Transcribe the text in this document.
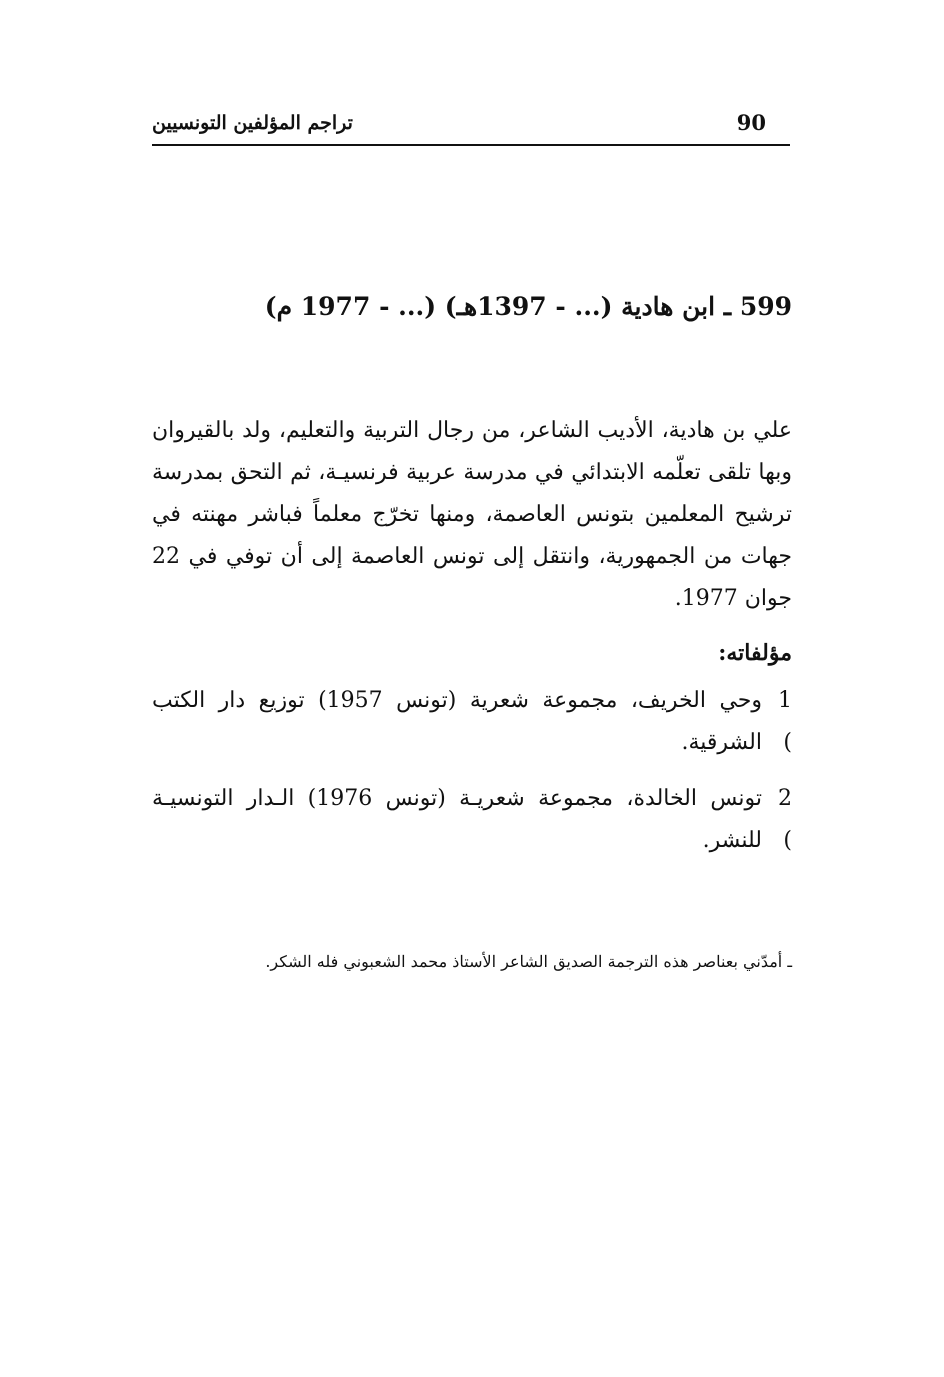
تراجم المؤلفين التونسيين	90
599 ـ ابن هادية (... - 1397هـ) (... - 1977 م)

علي بن هادية، الأديب الشاعر، من رجال التربية والتعليم، ولد بالقيروان وبها تلقى تعلّمه الابتدائي في مدرسة عربية فرنسيـة، ثم التحق بمدرسة ترشيح المعلمين بتونس العاصمة، ومنها تخرّج معلماً فباشر مهنته في جهات من الجمهورية، وانتقل إلى تونس العاصمة إلى أن توفي في 22 جوان 1977.

مؤلفاته:
1 )
وحي الخريف، مجموعة شعرية (تونس 1957) توزيع دار الكتب الشرقية.
2 )
تونس الخالدة، مجموعة شعريـة (تونس 1976) الـدار التونسيـة للنشر.
ـ أمدّني بعناصر هذه الترجمة الصديق الشاعر الأستاذ محمد الشعبوني فله الشكر.
